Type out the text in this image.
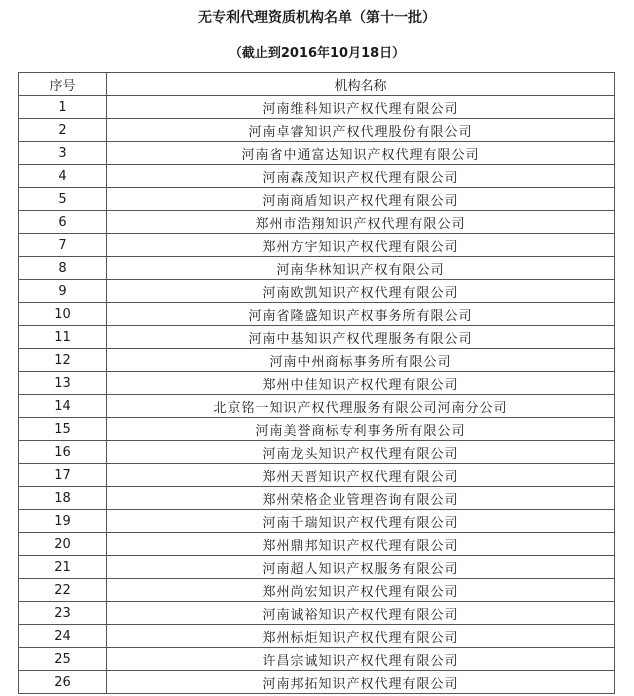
无专利代理资质机构名单（第十一批）
（截止到2016年10月18日）
序号	机构名称
1	河南维科知识产权代理有限公司
2	河南卓睿知识产权代理股份有限公司
3	河南省中通富达知识产权代理有限公司
4	河南森茂知识产权代理有限公司
5	河南商盾知识产权代理有限公司
6	郑州市浩翔知识产权代理有限公司
7	郑州方宇知识产权代理有限公司
8	河南华林知识产权有限公司
9	河南欧凯知识产权代理有限公司
10	河南省隆盛知识产权事务所有限公司
11	河南中基知识产权代理服务有限公司
12	河南中州商标事务所有限公司
13	郑州中佳知识产权代理有限公司
14	北京铭一知识产权代理服务有限公司河南分公司
15	河南美誉商标专利事务所有限公司
16	河南龙头知识产权代理有限公司
17	郑州天晋知识产权代理有限公司
18	郑州荣格企业管理咨询有限公司
19	河南千瑞知识产权代理有限公司
20	郑州鼎邦知识产权代理有限公司
21	河南超人知识产权服务有限公司
22	郑州尚宏知识产权代理有限公司
23	河南诚裕知识产权代理有限公司
24	郑州标炬知识产权代理有限公司
25	许昌宗诚知识产权代理有限公司
26	河南邦拓知识产权代理有限公司
